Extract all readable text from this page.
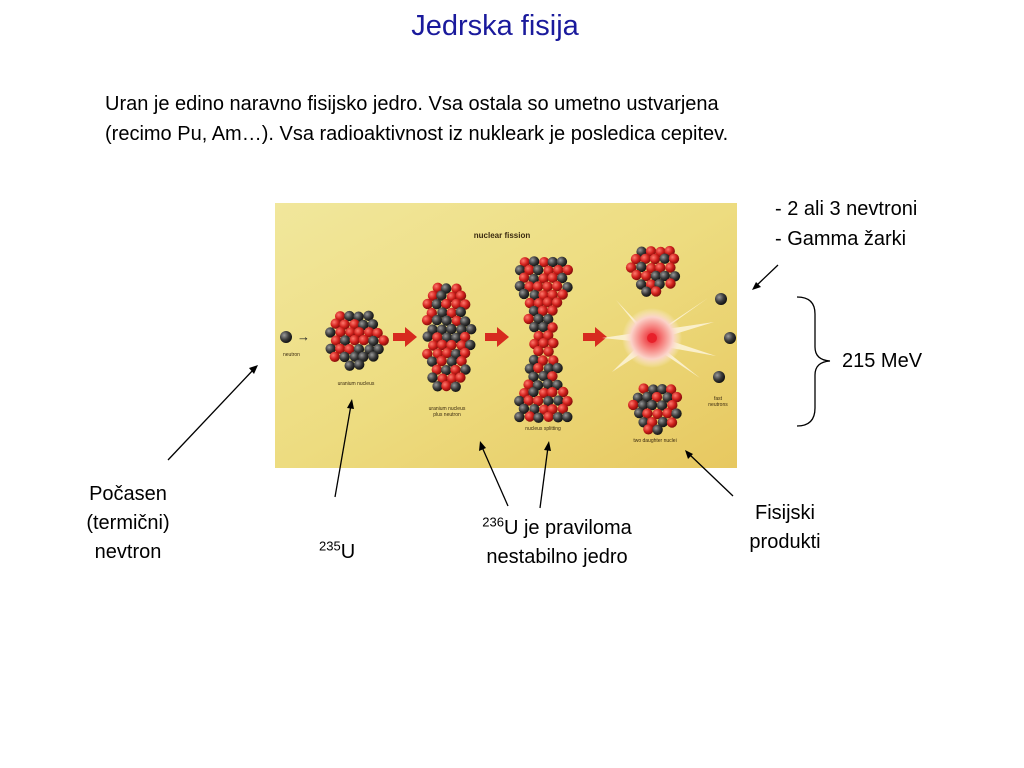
Jedrska fisija
Uran je edino naravno fisijsko jedro. Vsa ostala so umetno ustvarjena
(recimo Pu, Am…). Vsa radioaktivnost iz nukleark je posledica cepitev.
nuclear fission
→
neutron
uranium nucleus
uranium nucleus
plus neutron
nucleus splitting
two daughter nuclei
fast
neutrons
- 2 ali 3 nevtroni
- Gamma žarki
215 MeV
Počasen
(termični)
nevtron	$^{235}$U
$^{236}$U je praviloma
nestabilno jedro
Fisijski
produkti
